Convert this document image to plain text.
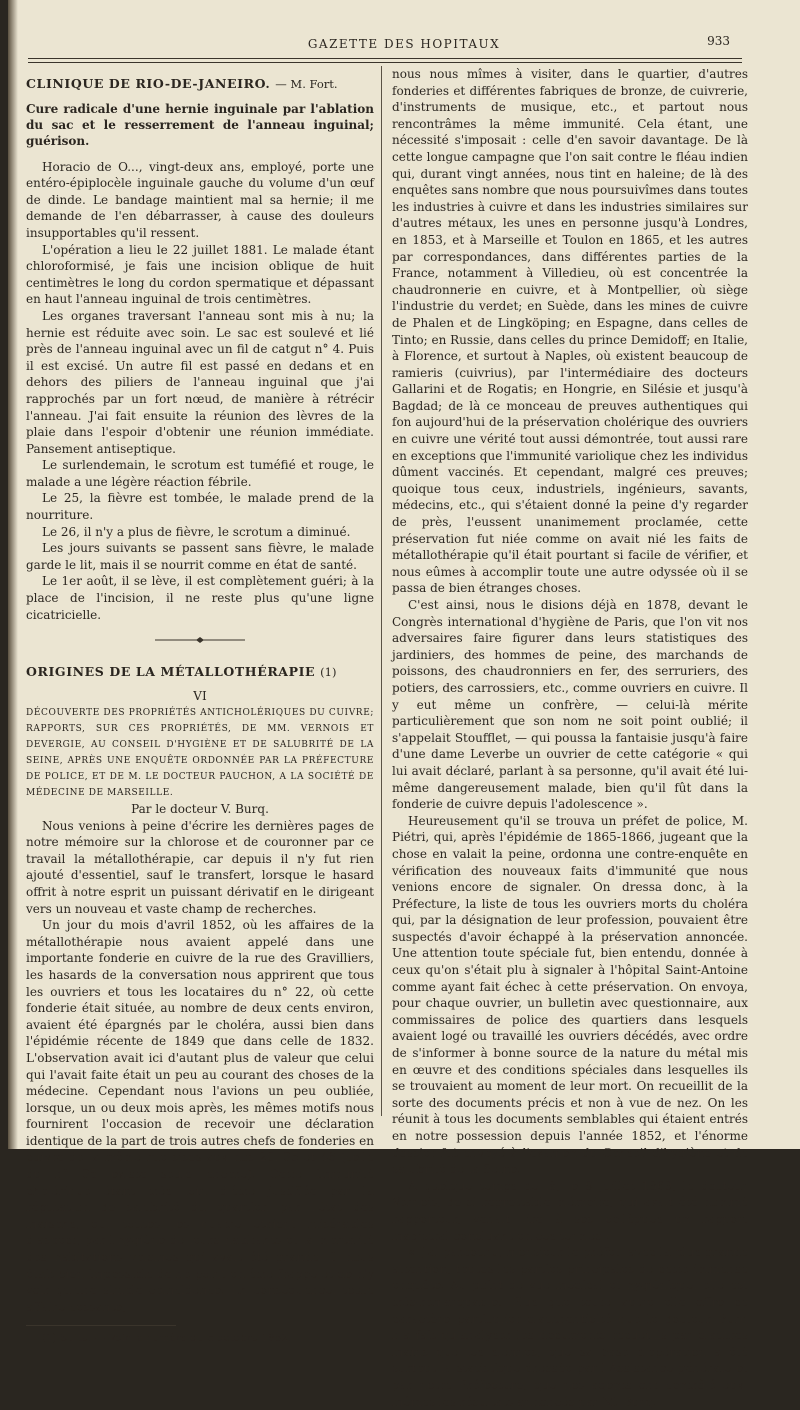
GAZETTE DES HOPITAUX	933
CLINIQUE DE RIO-DE-JANEIRO. — M. Fort.
Cure radicale d'une hernie inguinale par l'ablation du sac et le resserrement de l'anneau inguinal; guérison.

Horacio de O..., vingt-deux ans, employé, porte une entéro-épiplocèle inguinale gauche du volume d'un œuf de dinde. Le bandage maintient mal sa hernie; il me demande de l'en débarrasser, à cause des douleurs insupportables qu'il ressent.

L'opération a lieu le 22 juillet 1881. Le malade étant chloroformisé, je fais une incision oblique de huit centimètres le long du cordon spermatique et dépassant en haut l'anneau inguinal de trois centimètres.

Les organes traversant l'anneau sont mis à nu; la hernie est réduite avec soin. Le sac est soulevé et lié près de l'anneau inguinal avec un fil de catgut n° 4. Puis il est excisé. Un autre fil est passé en dedans et en dehors des piliers de l'anneau inguinal que j'ai rapprochés par un fort nœud, de manière à rétrécir l'anneau. J'ai fait ensuite la réunion des lèvres de la plaie dans l'espoir d'obtenir une réunion immédiate. Pansement antiseptique.

Le surlendemain, le scrotum est tuméfié et rouge, le malade a une légère réaction fébrile.

Le 25, la fièvre est tombée, le malade prend de la nourriture.

Le 26, il n'y a plus de fièvre, le scrotum a diminué.

Les jours suivants se passent sans fièvre, le malade garde le lit, mais il se nourrit comme en état de santé.

Le 1er août, il se lève, il est complètement guéri; à la place de l'incision, il ne reste plus qu'une ligne cicatricielle.

ORIGINES DE LA MÉTALLOTHÉRAPIE (1)

VI

DÉCOUVERTE DES PROPRIÉTÉS ANTICHOLÉRIQUES DU CUIVRE; RAPPORTS, SUR CES PROPRIÉTÉS, DE MM. VERNOIS ET DEVERGIE, AU CONSEIL D'HYGIÈNE ET DE SALUBRITÉ DE LA SEINE, APRÈS UNE ENQUÊTE ORDONNÉE PAR LA PRÉFECTURE DE POLICE, ET DE M. LE DOCTEUR PAUCHON, A LA SOCIÉTÉ DE MÉDECINE DE MARSEILLE.

Par le docteur V. Burq.

Nous venions à peine d'écrire les dernières pages de notre mémoire sur la chlorose et de couronner par ce travail la métallothérapie, car depuis il n'y fut rien ajouté d'essentiel, sauf le transfert, lorsque le hasard offrit à notre esprit un puissant dérivatif en le dirigeant vers un nouveau et vaste champ de recherches.

Un jour du mois d'avril 1852, où les affaires de la métallothérapie nous avaient appelé dans une importante fonderie en cuivre de la rue des Gravilliers, les hasards de la conversation nous apprirent que tous les ouvriers et tous les locataires du n° 22, où cette fonderie était située, au nombre de deux cents environ, avaient été épargnés par le choléra, aussi bien dans l'épidémie récente de 1849 que dans celle de 1832. L'observation avait ici d'autant plus de valeur que celui qui l'avait faite était un peu au courant des choses de la médecine. Cependant nous l'avions un peu oubliée, lorsque, un ou deux mois après, les mêmes motifs nous fournirent l'occasion de recevoir une déclaration identique de la part de trois autres chefs de fonderies en cuivre de la même rue sises aux nos 20, 35 et 46 (celle du n° 35 existe seule encore). Cette immunité cholérique étant très loin d'être justifiée par la réputation de salubrité du quartier, par l'état des maisons, qui toutes les quatre étaient misérables d'aspect, par l'hygiène de leurs habitants et la mortalité des habitations voisines qui avait été grande, il nous était bien impossible de ne point en être frappé et de n'y voir qu'une simple coïncidence. En conséquence, toute affaire cessante,

(1) Suite. — Voir le numéro du 5 octobre 1882.

nous nous mîmes à visiter, dans le quartier, d'autres fonderies et différentes fabriques de bronze, de cuivrerie, d'instruments de musique, etc., et partout nous rencontrâmes la même immunité. Cela étant, une nécessité s'imposait : celle d'en savoir davantage. De là cette longue campagne que l'on sait contre le fléau indien qui, durant vingt années, nous tint en haleine; de là des enquêtes sans nombre que nous poursuivîmes dans toutes les industries à cuivre et dans les industries similaires sur d'autres métaux, les unes en personne jusqu'à Londres, en 1853, et à Marseille et Toulon en 1865, et les autres par correspondances, dans différentes parties de la France, notamment à Villedieu, où est concentrée la chaudronnerie en cuivre, et à Montpellier, où siège l'industrie du verdet; en Suède, dans les mines de cuivre de Phalen et de Lingköping; en Espagne, dans celles de Tinto; en Russie, dans celles du prince Demidoff; en Italie, à Florence, et surtout à Naples, où existent beaucoup de ramieris (cuivrius), par l'intermédiaire des docteurs Gallarini et de Rogatis; en Hongrie, en Silésie et jusqu'à Bagdad; de là ce monceau de preuves authentiques qui fon aujourd'hui de la préservation cholérique des ouvriers en cuivre une vérité tout aussi démontrée, tout aussi rare en exceptions que l'immunité variolique chez les individus dûment vaccinés. Et cependant, malgré ces preuves; quoique tous ceux, industriels, ingénieurs, savants, médecins, etc., qui s'étaient donné la peine d'y regarder de près, l'eussent unanimement proclamée, cette préservation fut niée comme on avait nié les faits de métallothérapie qu'il était pourtant si facile de vérifier, et nous eûmes à accomplir toute une autre odyssée où il se passa de bien étranges choses.

C'est ainsi, nous le disions déjà en 1878, devant le Congrès international d'hygiène de Paris, que l'on vit nos adversaires faire figurer dans leurs statistiques des jardiniers, des hommes de peine, des marchands de poissons, des chaudronniers en fer, des serruriers, des potiers, des carrossiers, etc., comme ouvriers en cuivre. Il y eut même un confrère, — celui-là mérite particulièrement que son nom ne soit point oublié; il s'appelait Stoufflet, — qui poussa la fantaisie jusqu'à faire d'une dame Leverbe un ouvrier de cette catégorie « qui lui avait déclaré, parlant à sa personne, qu'il avait été lui-même dangereusement malade, bien qu'il fût dans la fonderie de cuivre depuis l'adolescence ».

Heureusement qu'il se trouva un préfet de police, M. Piétri, qui, après l'épidémie de 1865-1866, jugeant que la chose en valait la peine, ordonna une contre-enquête en vérification des nouveaux faits d'immunité que nous venions encore de signaler. On dressa donc, à la Préfecture, la liste de tous les ouvriers morts du choléra qui, par la désignation de leur profession, pouvaient être suspectés d'avoir échappé à la préservation annoncée. Une attention toute spéciale fut, bien entendu, donnée à ceux qu'on s'était plu à signaler à l'hôpital Saint-Antoine comme ayant fait échec à cette préservation. On envoya, pour chaque ouvrier, un bulletin avec questionnaire, aux commissaires de police des quartiers dans lesquels avaient logé ou travaillé les ouvriers décédés, avec ordre de s'informer à bonne source de la nature du métal mis en œuvre et des conditions spéciales dans lesquelles ils se trouvaient au moment de leur mort. On recueillit de la sorte des documents précis et non à vue de nez. On les réunit à tous les documents semblables qui étaient entrés en notre possession depuis l'année 1852, et l'énorme dossier fut envoyé à l'examen du Conseil d'hygiène et de salubrité de la Seine.

A quelque temps de là, le 9 juillet 1869, le docteur Vernois, de si regrettable mémoire, qui avait été nommé rapporteur, venait lire à ses collègues un rapport magistral concluant en ces termes :

« J'ai parcouru, monsieur le préfet, avec la plus grande attention, toutes les parties principales de cette immense enquête. Au point de vue médical et hygiénique, elle est très-remarquable. Plus que toute autre elle offre ce caractère particulier d'authenticité que le docteur Burq n'a fait qu'analyser les documents recueillis par d'autres mains que les siennes, que sa base d'opération a été surtout la statistique dressée par l'Assistance générale et par notre Préfecture, que nos agents ont contrôlé eux-mêmes les résultats annoncés par M. Burq.
